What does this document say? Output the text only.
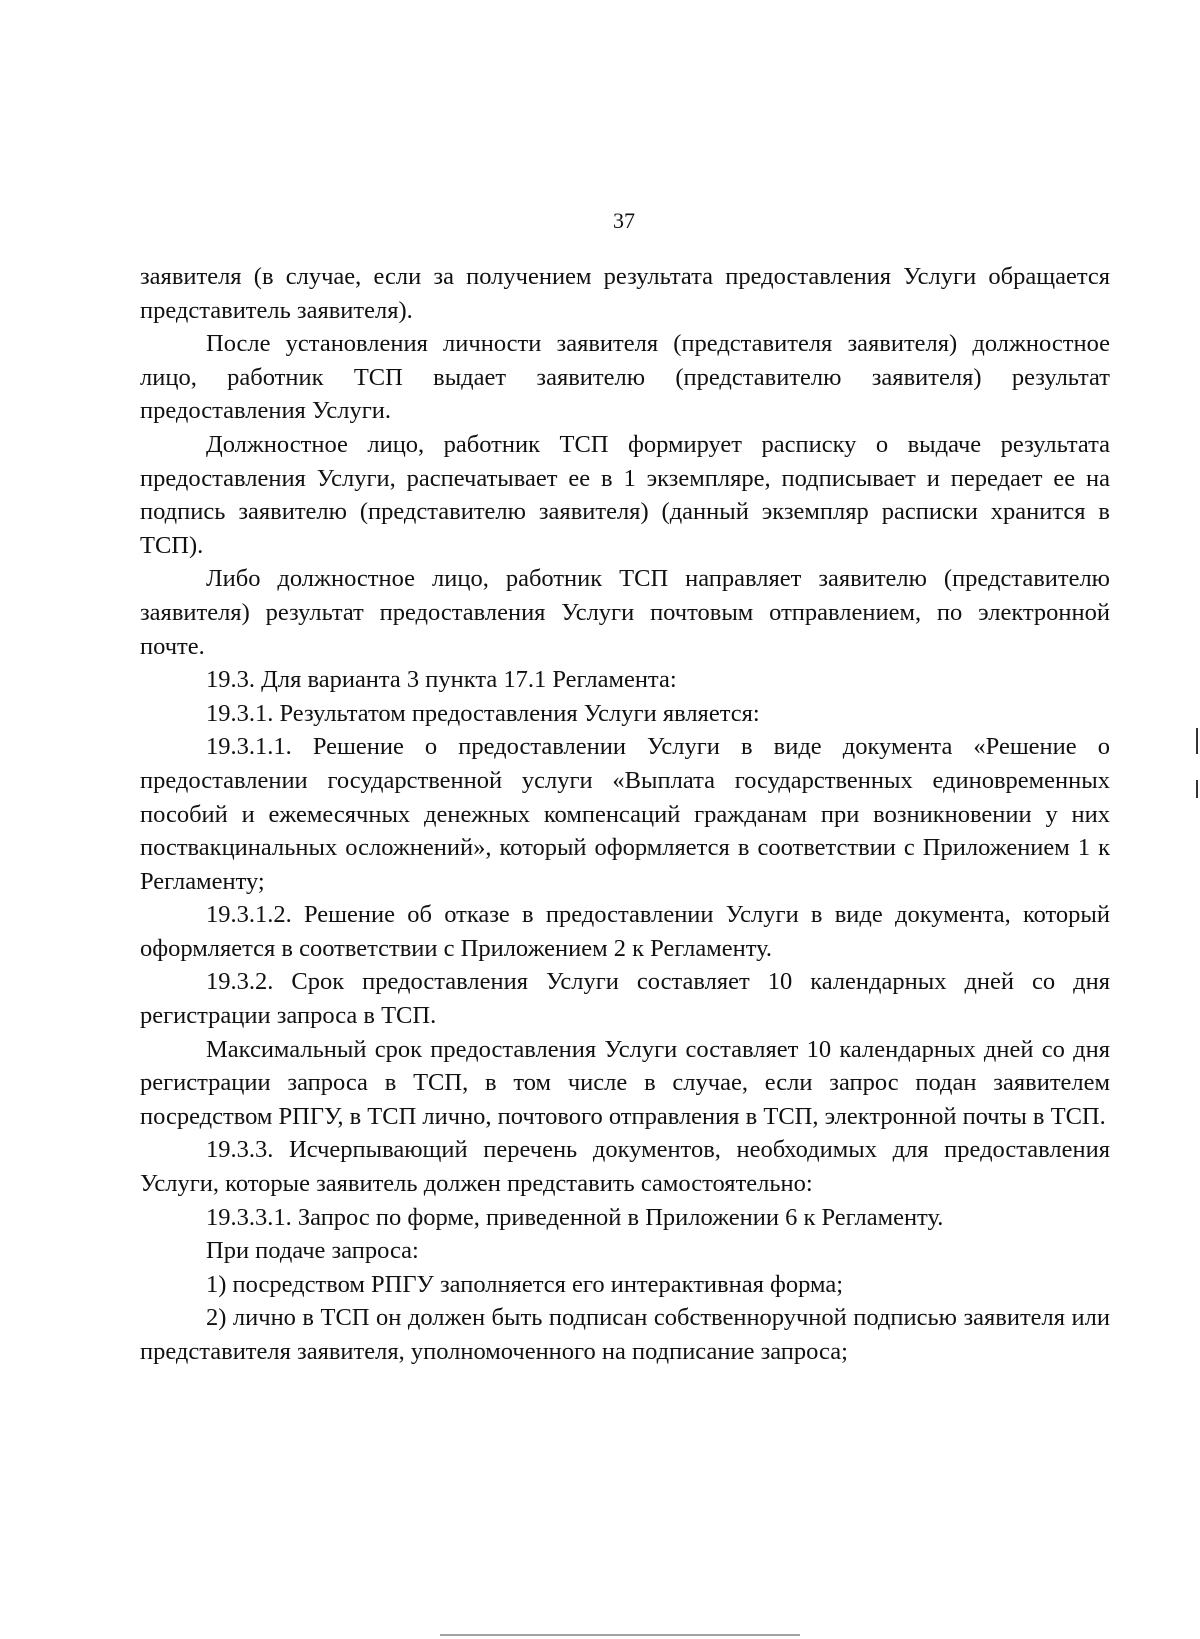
37

заявителя (в случае, если за получением результата предоставления Услуги обращается представитель заявителя).

После установления личности заявителя (представителя заявителя) должностное лицо, работник ТСП выдает заявителю (представителю заявителя) результат предоставления Услуги.

Должностное лицо, работник ТСП формирует расписку о выдаче результата предоставления Услуги, распечатывает ее в 1 экземпляре, подписывает и передает ее на подпись заявителю (представителю заявителя) (данный экземпляр расписки хранится в ТСП).

Либо должностное лицо, работник ТСП направляет заявителю (представителю заявителя) результат предоставления Услуги почтовым отправлением, по электронной почте.

19.3. Для варианта 3 пункта 17.1 Регламента:

19.3.1. Результатом предоставления Услуги является:

19.3.1.1. Решение о предоставлении Услуги в виде документа «Решение о предоставлении государственной услуги «Выплата государственных единовременных пособий и ежемесячных денежных компенсаций гражданам при возникновении у них поствакцинальных осложнений», который оформляется в соответствии с Приложением 1 к Регламенту;

19.3.1.2. Решение об отказе в предоставлении Услуги в виде документа, который оформляется в соответствии с Приложением 2 к Регламенту.

19.3.2. Срок предоставления Услуги составляет 10 календарных дней со дня регистрации запроса в ТСП.

Максимальный срок предоставления Услуги составляет 10 календарных дней со дня регистрации запроса в ТСП, в том числе в случае, если запрос подан заявителем посредством РПГУ, в ТСП лично, почтового отправления в ТСП, электронной почты в ТСП.

19.3.3. Исчерпывающий перечень документов, необходимых для предоставления Услуги, которые заявитель должен представить самостоятельно:

19.3.3.1. Запрос по форме, приведенной в Приложении 6 к Регламенту.

При подаче запроса:

1) посредством РПГУ заполняется его интерактивная форма;

2) лично в ТСП он должен быть подписан собственноручной подписью заявителя или представителя заявителя, уполномоченного на подписание запроса;
